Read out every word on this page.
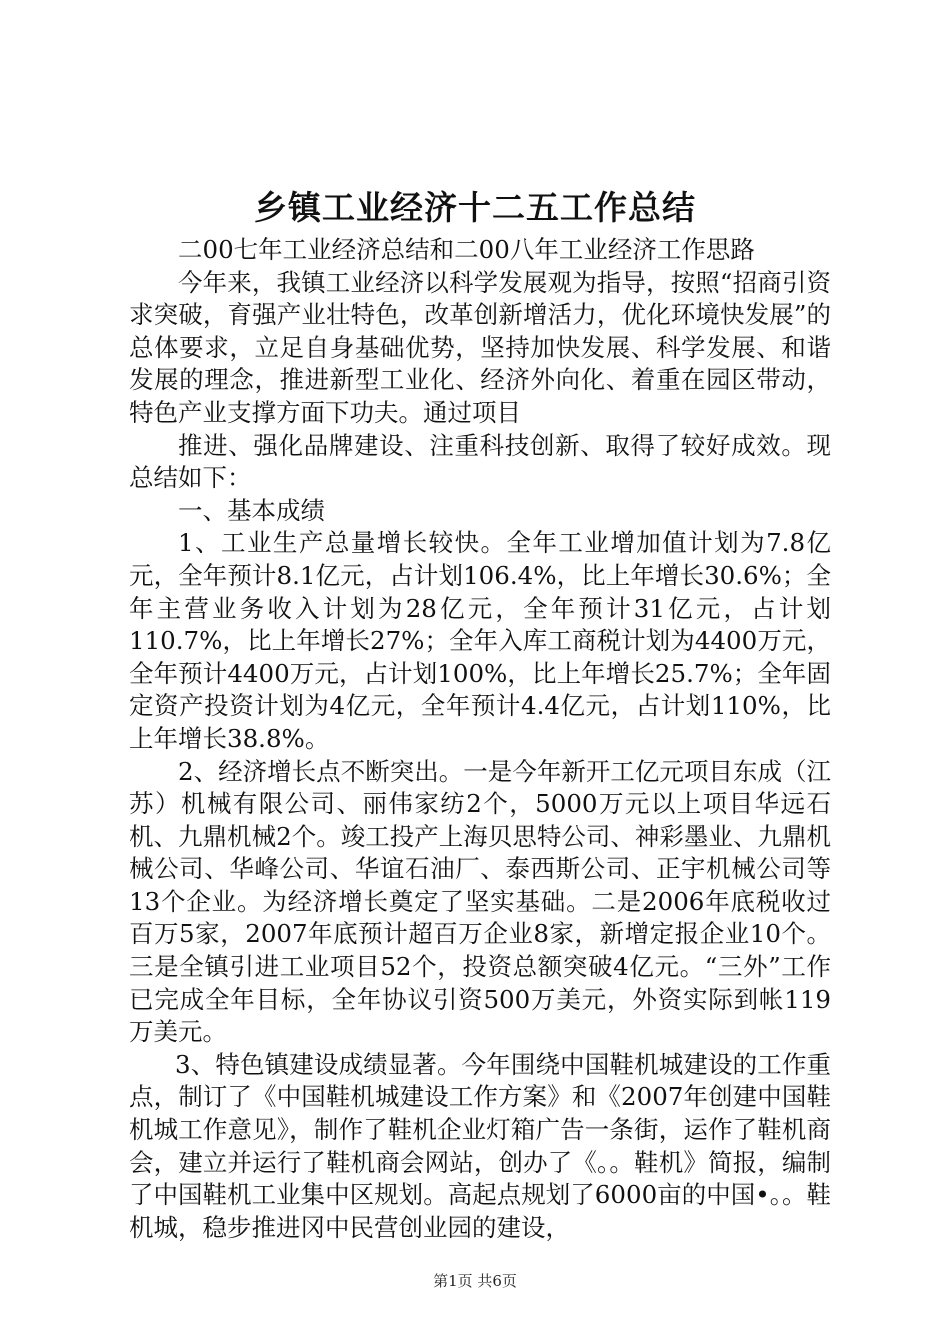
乡镇工业经济十二五工作总结

二00七年工业经济总结和二00八年工业经济工作思路

今年来，我镇工业经济以科学发展观为指导，按照“招商引资求突破，育强产业壮特色，改革创新增活力，优化环境快发展”的总体要求，立足自身基础优势，坚持加快发展、科学发展、和谐发展的理念，推进新型工业化、经济外向化、着重在园区带动，特色产业支撑方面下功夫。通过项目

推进、强化品牌建设、注重科技创新、取得了较好成效。现总结如下：

一、基本成绩

1、工业生产总量增长较快。全年工业增加值计划为7.8亿元，全年预计8.1亿元，占计划106.4%，比上年增长30.6%；全年主营业务收入计划为28亿元，全年预计31亿元，占计划110.7%，比上年增长27%；全年入库工商税计划为4400万元，全年预计4400万元，占计划100%，比上年增长25.7%；全年固定资产投资计划为4亿元，全年预计4.4亿元，占计划110%，比上年增长38.8%。

2、经济增长点不断突出。一是今年新开工亿元项目东成（江苏）机械有限公司、丽伟家纺2个，5000万元以上项目华远石机、九鼎机械2个。竣工投产上海贝思特公司、神彩墨业、九鼎机械公司、华峰公司、华谊石油厂、泰西斯公司、正宇机械公司等13个企业。为经济增长奠定了坚实基础。二是2006年底税收过百万5家，2007年底预计超百万企业8家，新增定报企业10个。三是全镇引进工业项目52个，投资总额突破4亿元。“三外”工作已完成全年目标，全年协议引资500万美元，外资实际到帐119万美元。

3、特色镇建设成绩显著。今年围绕中国鞋机城建设的工作重点，制订了《中国鞋机城建设工作方案》和《2007年创建中国鞋机城工作意见》，制作了鞋机企业灯箱广告一条街，运作了鞋机商会，建立并运行了鞋机商会网站，创办了《。。鞋机》简报，编制了中国鞋机工业集中区规划。高起点规划了6000亩的中国•。。鞋机城，稳步推进冈中民营创业园的建设，

第1页 共6页
